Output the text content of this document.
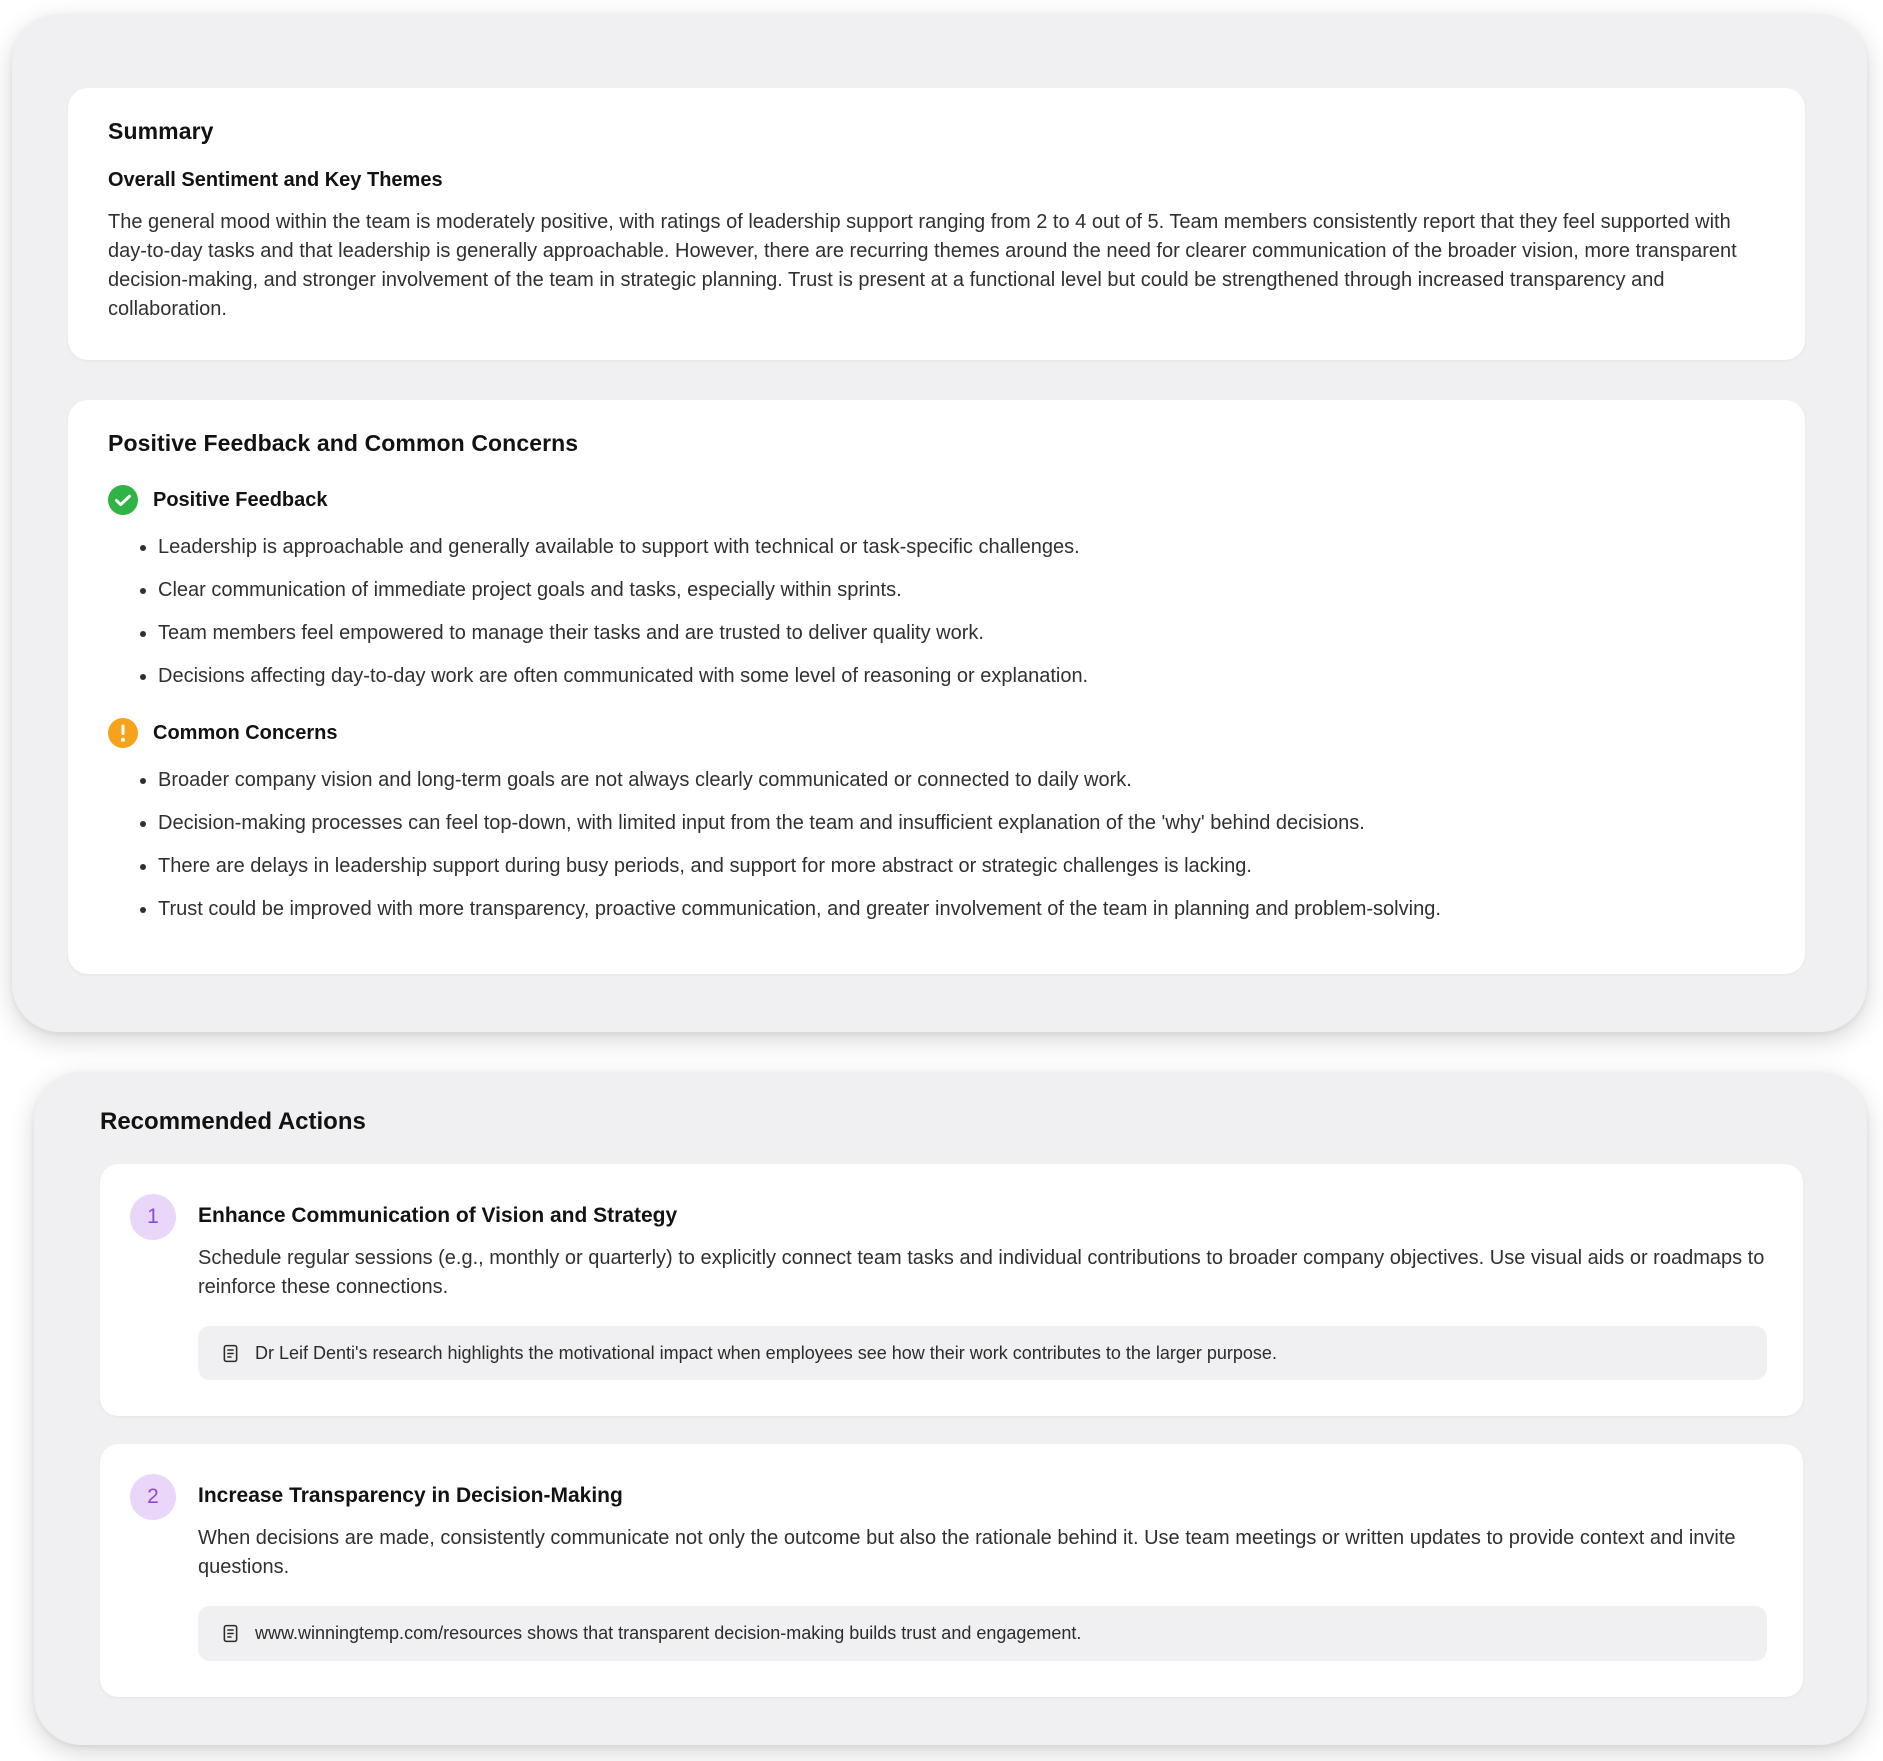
Summary
Overall Sentiment and Key Themes

The general mood within the team is moderately positive, with ratings of leadership support ranging from 2 to 4 out of 5. Team members consistently report that they feel supported with day-to-day tasks and that leadership is generally approachable. However, there are recurring themes around the need for clearer communication of the broader vision, more transparent decision-making, and stronger involvement of the team in strategic planning. Trust is present at a functional level but could be strengthened through increased transparency and collaboration.

Positive Feedback and Common Concerns
Positive Feedback
• Leadership is approachable and generally available to support with technical or task-specific challenges.
• Clear communication of immediate project goals and tasks, especially within sprints.
• Team members feel empowered to manage their tasks and are trusted to deliver quality work.
• Decisions affecting day-to-day work are often communicated with some level of reasoning or explanation.
Common Concerns
• Broader company vision and long-term goals are not always clearly communicated or connected to daily work.
• Decision-making processes can feel top-down, with limited input from the team and insufficient explanation of the 'why' behind decisions.
• There are delays in leadership support during busy periods, and support for more abstract or strategic challenges is lacking.
• Trust could be improved with more transparency, proactive communication, and greater involvement of the team in planning and problem-solving.
Recommended Actions
1	Enhance Communication of Vision and Strategy

Schedule regular sessions (e.g., monthly or quarterly) to explicitly connect team tasks and individual contributions to broader company objectives. Use visual aids or roadmaps to reinforce these connections.

Dr Leif Denti's research highlights the motivational impact when employees see how their work contributes to the larger purpose.
2	Increase Transparency in Decision-Making

When decisions are made, consistently communicate not only the outcome but also the rationale behind it. Use team meetings or written updates to provide context and invite questions.

www.winningtemp.com/resources shows that transparent decision-making builds trust and engagement.
